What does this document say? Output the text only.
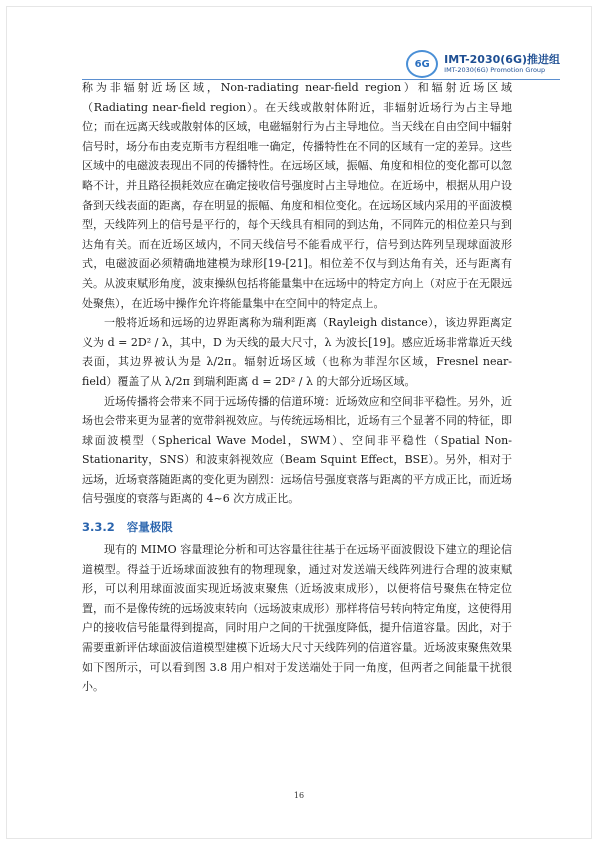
6G	IMT-2030(6G)推进组
IMT-2030(6G) Promotion Group

称为非辐射近场区域，Non-radiating near-field region）和辐射近场区域（Radiating near-field region）。在天线或散射体附近，非辐射近场行为占主导地位；而在远离天线或散射体的区域，电磁辐射行为占主导地位。当天线在自由空间中辐射信号时，场分布由麦克斯韦方程组唯一确定，传播特性在不同的区域有一定的差异。这些区域中的电磁波表现出不同的传播特性。在远场区域，振幅、角度和相位的变化都可以忽略不计，并且路径损耗效应在确定接收信号强度时占主导地位。在近场中，根据从用户设备到天线表面的距离，存在明显的振幅、角度和相位变化。在远场区域内采用的平面波模型，天线阵列上的信号是平行的，每个天线具有相同的到达角，不同阵元的相位差只与到达角有关。而在近场区域内，不同天线信号不能看成平行，信号到达阵列呈现球面波形式，电磁波面必须精确地建模为球形[19-[21]。相位差不仅与到达角有关，还与距离有关。从波束赋形角度，波束操纵包括将能量集中在远场中的特定方向上（对应于在无限远处聚焦），在近场中操作允许将能量集中在空间中的特定点上。

一般将近场和远场的边界距离称为瑞利距离（Rayleigh distance），该边界距离定义为 d = 2D² / λ，其中，D 为天线的最大尺寸，λ 为波长[19]。感应近场非常靠近天线表面，其边界被认为是 λ/2π。辐射近场区域（也称为菲涅尔区域，Fresnel near-field）覆盖了从 λ/2π 到瑞利距离 d = 2D² / λ 的大部分近场区域。

近场传播将会带来不同于远场传播的信道环境：近场效应和空间非平稳性。另外，近场也会带来更为显著的宽带斜视效应。与传统远场相比，近场有三个显著不同的特征，即球面波模型（Spherical Wave Model，SWM）、空间非平稳性（Spatial Non-Stationarity，SNS）和波束斜视效应（Beam Squint Effect，BSE）。另外，相对于远场，近场衰落随距离的变化更为剧烈：远场信号强度衰落与距离的平方成正比，而近场信号强度的衰落与距离的 4~6 次方成正比。

3.3.2 容量极限

现有的 MIMO 容量理论分析和可达容量往往基于在远场平面波假设下建立的理论信道模型。得益于近场球面波独有的物理现象，通过对发送端天线阵列进行合理的波束赋形，可以利用球面波面实现近场波束聚焦（近场波束成形），以便将信号聚焦在特定位置，而不是像传统的远场波束转向（远场波束成形）那样将信号转向特定角度，这使得用户的接收信号能量得到提高，同时用户之间的干扰强度降低，提升信道容量。因此，对于需要重新评估球面波信道模型建模下近场大尺寸天线阵列的信道容量。近场波束聚焦效果如下图所示，可以看到图 3.8 用户相对于发送端处于同一角度，但两者之间能量干扰很小。

16
